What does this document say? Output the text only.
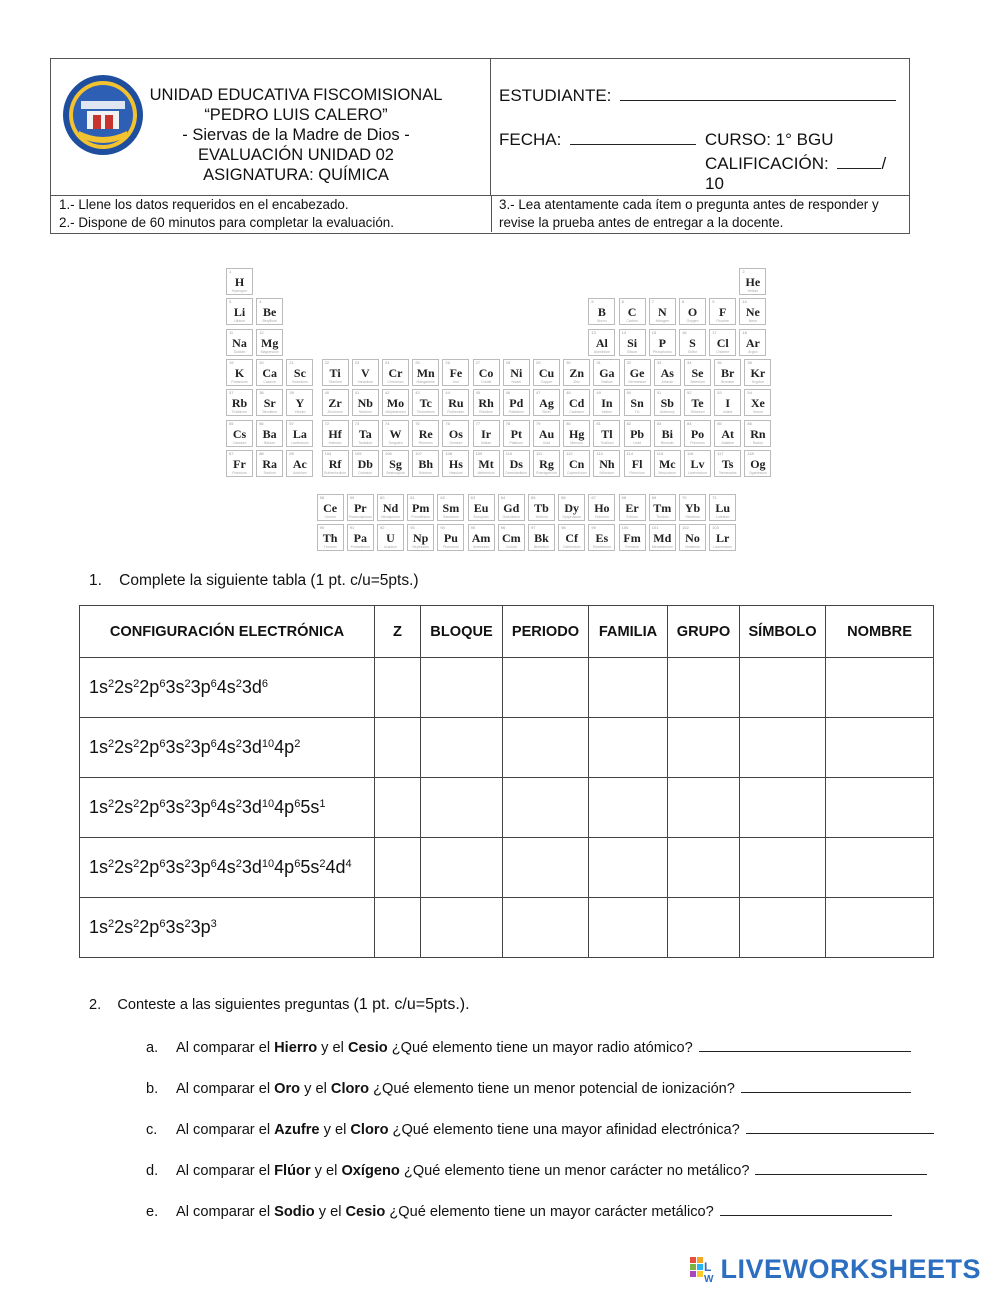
UNIDAD EDUCATIVA FISCOMISIONAL
“PEDRO LUIS CALERO”
- Siervas de la Madre de Dios -
EVALUACIÓN UNIDAD 02
ASIGNATURA: QUÍMICA
ESTUDIANTE:
FECHA:	CURSO: 1° BGU
CALIFICACIÓN:	/ 10
1.- Llene los datos requeridos en el encabezado.
2.- Dispone de 60 minutos para completar la evaluación.
3.- Lea atentamente cada ítem o pregunta antes de responder y
revise la prueba antes de entregar a la docente.
1
H
Hydrogen
2
He
Helium
3
Li
Lithium
4
Be
Beryllium
5
B
Boron
6
C
Carbon
7
N
Nitrogen
8
O
Oxygen
9
F
Fluorine
10
Ne
Neon
11
Na
Sodium
12
Mg
Magnesium
13
Al
Aluminium
14
Si
Silicon
15
P
Phosphorus
16
S
Sulfur
17
Cl
Chlorine
18
Ar
Argon
19
K
Potassium
20
Ca
Calcium
21
Sc
Scandium
22
Ti
Titanium
23
V
Vanadium
24
Cr
Chromium
25
Mn
Manganese
26
Fe
Iron
27
Co
Cobalt
28
Ni
Nickel
29
Cu
Copper
30
Zn
Zinc
31
Ga
Gallium
32
Ge
Germanium
33
As
Arsenic
34
Se
Selenium
35
Br
Bromine
36
Kr
Krypton
37
Rb
Rubidium
38
Sr
Strontium
39
Y
Yttrium
40
Zr
Zirconium
41
Nb
Niobium
42
Mo
Molybdenum
43
Tc
Technetium
44
Ru
Ruthenium
45
Rh
Rhodium
46
Pd
Palladium
47
Ag
Silver
48
Cd
Cadmium
49
In
Indium
50
Sn
Tin
51
Sb
Antimony
52
Te
Tellurium
53
I
Iodine
54
Xe
Xenon
55
Cs
Caesium
56
Ba
Barium
57
La
Lanthanum
72
Hf
Hafnium
73
Ta
Tantalum
74
W
Tungsten
75
Re
Rhenium
76
Os
Osmium
77
Ir
Iridium
78
Pt
Platinum
79
Au
Gold
80
Hg
Mercury
81
Tl
Thallium
82
Pb
Lead
83
Bi
Bismuth
84
Po
Polonium
85
At
Astatine
86
Rn
Radon
87
Fr
Francium
88
Ra
Radium
89
Ac
Actinium
104
Rf
Rutherfordium
105
Db
Dubnium
106
Sg
Seaborgium
107
Bh
Bohrium
108
Hs
Hassium
109
Mt
Meitnerium
110
Ds
Darmstadtium
111
Rg
Roentgenium
112
Cn
Copernicium
113
Nh
Nihonium
114
Fl
Flerovium
115
Mc
Moscovium
116
Lv
Livermorium
117
Ts
Tennessine
118
Og
Oganesson
58
Ce
Cerium
59
Pr
Praseodymium
60
Nd
Neodymium
61
Pm
Promethium
62
Sm
Samarium
63
Eu
Europium
64
Gd
Gadolinium
65
Tb
Terbium
66
Dy
Dysprosium
67
Ho
Holmium
68
Er
Erbium
69
Tm
Thulium
70
Yb
Ytterbium
71
Lu
Lutetium
90
Th
Thorium
91
Pa
Protactinium
92
U
Uranium
93
Np
Neptunium
94
Pu
Plutonium
95
Am
Americium
96
Cm
Curium
97
Bk
Berkelium
98
Cf
Californium
99
Es
Einsteinium
100
Fm
Fermium
101
Md
Mendelevium
102
No
Nobelium
103
Lr
Lawrencium
1.    Complete la siguiente tabla (1 pt. c/u=5pts.)
CONFIGURACIÓN ELECTRÓNICA	Z	BLOQUE	PERIODO	FAMILIA	GRUPO	SÍMBOLO	NOMBRE
$1s^22s^22p^63s^23p^64s^23d^6$							
$1s^22s^22p^63s^23p^64s^23d^{10}4p^2$							
$1s^22s^22p^63s^23p^64s^23d^{10}4p^65s^1$							
$1s^22s^22p^63s^23p^64s^23d^{10}4p^65s^24d^4$							
$1s^22s^22p^63s^23p^3$							
2.    Conteste a las siguientes preguntas (1 pt. c/u=5pts.).
a. Al comparar el Hierro y el Cesio ¿Qué elemento tiene un mayor radio atómico?
b. Al comparar el Oro y el Cloro ¿Qué elemento tiene un menor potencial de ionización?
c. Al comparar el Azufre y el Cloro ¿Qué elemento tiene una mayor afinidad electrónica?
d. Al comparar el Flúor y el Oxígeno ¿Qué elemento tiene un menor carácter no metálico?
e. Al comparar el Sodio y el Cesio ¿Qué elemento tiene un mayor carácter metálico?
L
W LIVEWORKSHEETS
